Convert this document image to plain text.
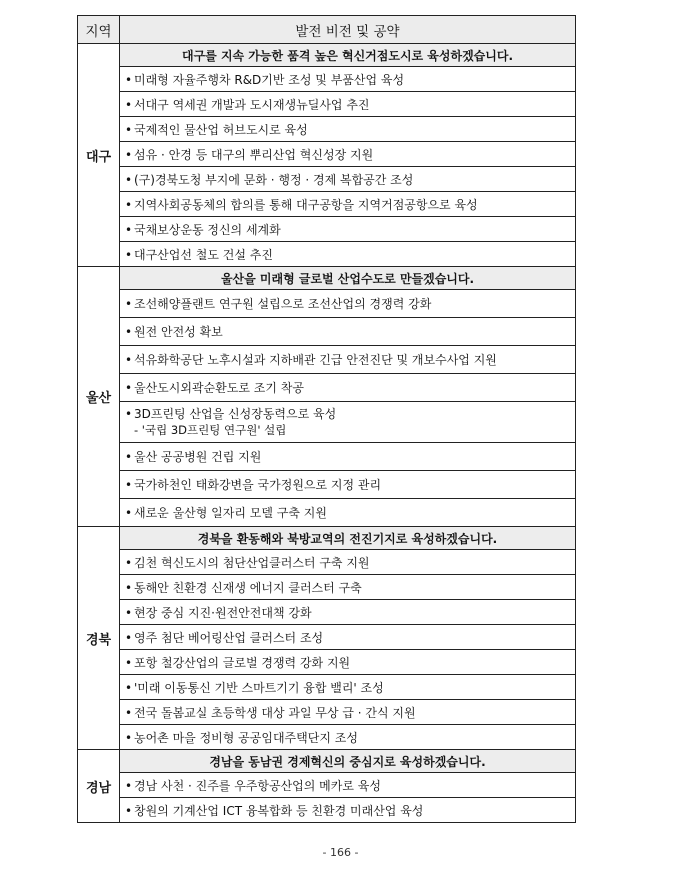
지역	발전 비전 및 공약
대구	대구를 지속 가능한 품격 높은 혁신거점도시로 육성하겠습니다.
	• 미래형 자율주행차 R&D기반 조성 및 부품산업 육성
	• 서대구 역세권 개발과 도시재생뉴딜사업 추진
	• 국제적인 물산업 허브도시로 육성
	• 섬유 · 안경 등 대구의 뿌리산업 혁신성장 지원
	• (구)경북도청 부지에 문화 · 행정 · 경제 복합공간 조성
	• 지역사회공동체의 합의를 통해 대구공항을 지역거점공항으로 육성
	• 국채보상운동 정신의 세계화
	• 대구산업선 철도 건설 추진
울산	울산을 미래형 글로벌 산업수도로 만들겠습니다.
	• 조선해양플랜트 연구원 설립으로 조선산업의 경쟁력 강화
	• 원전 안전성 확보
	• 석유화학공단 노후시설과 지하배관 긴급 안전진단 및 개보수사업 지원
	• 울산도시외곽순환도로 조기 착공
	• 3D프린팅 산업을 신성장동력으로 육성
- '국립 3D프린팅 연구원' 설립

	• 울산 공공병원 건립 지원
	• 국가하천인 태화강변을 국가정원으로 지정 관리
	• 새로운 울산형 일자리 모델 구축 지원
경북	경북을 환동해와 북방교역의 전진기지로 육성하겠습니다.
	• 김천 혁신도시의 첨단산업클러스터 구축 지원
	• 동해안 친환경 신재생 에너지 클러스터 구축
	• 현장 중심 지진·원전안전대책 강화
	• 영주 첨단 베어링산업 클러스터 조성
	• 포항 철강산업의 글로벌 경쟁력 강화 지원
	• '미래 이동통신 기반 스마트기기 융합 밸리' 조성
	• 전국 돌봄교실 초등학생 대상 과일 무상 급 · 간식 지원
	• 농어촌 마을 정비형 공공임대주택단지 조성
경남	경남을 동남권 경제혁신의 중심지로 육성하겠습니다.
	• 경남 사천 · 진주를 우주항공산업의 메카로 육성
	• 창원의 기계산업 ICT 융복합화 등 친환경 미래산업 육성
- 166 -
